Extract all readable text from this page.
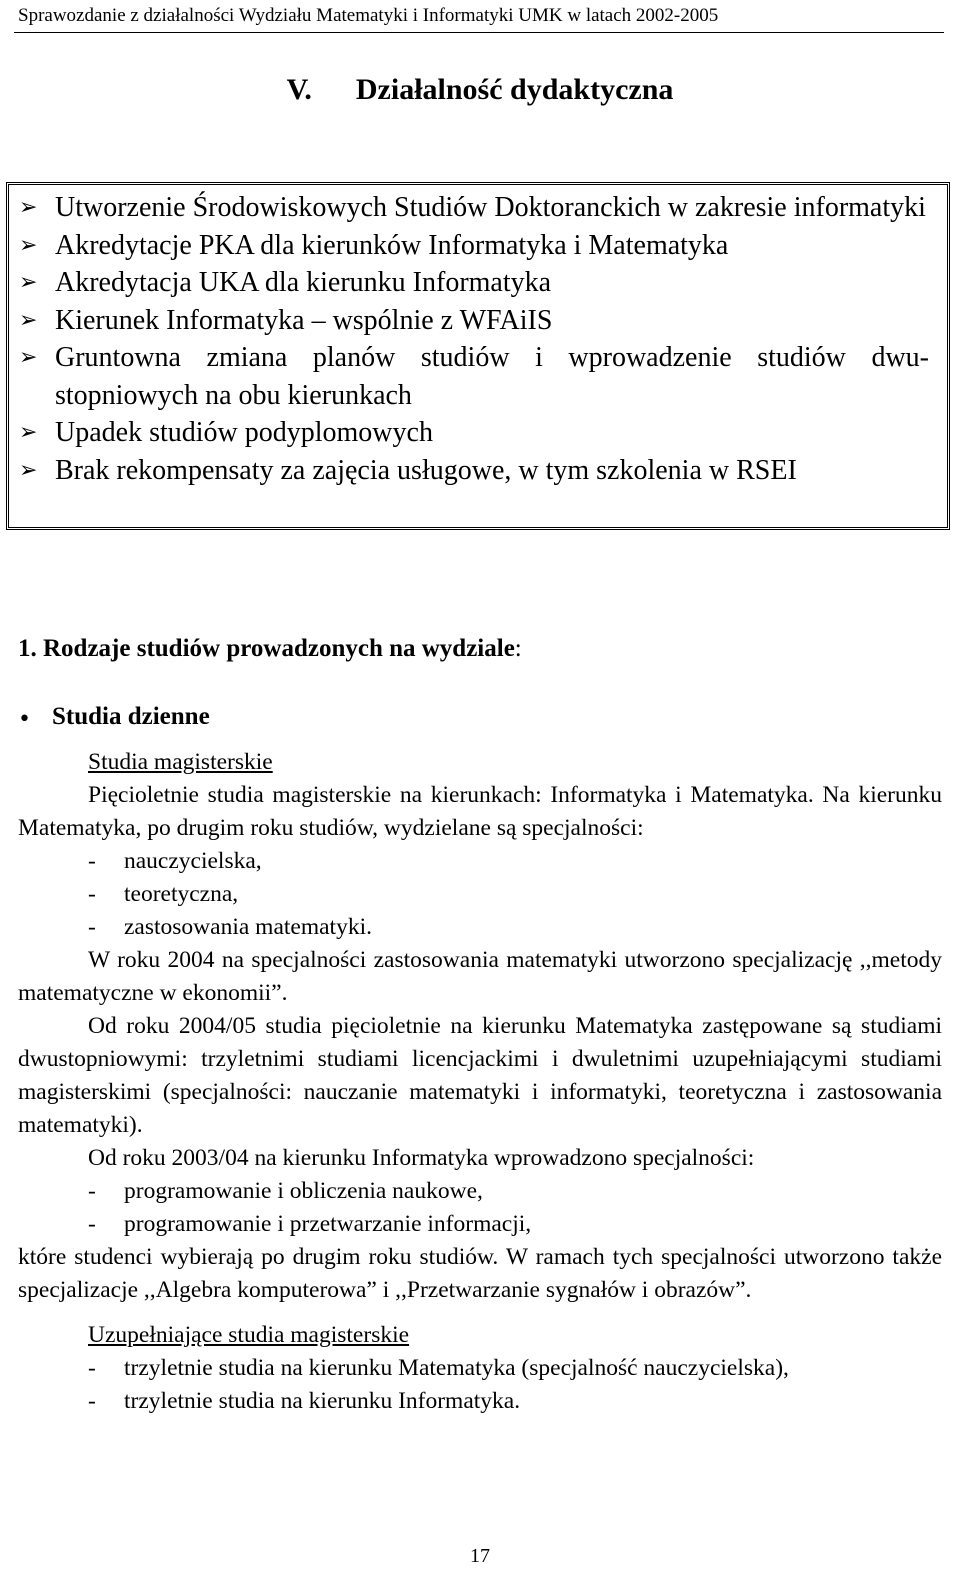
Sprawozdanie z działalności Wydziału Matematyki i Informatyki UMK w latach 2002-2005
V. Działalność dydaktyczna
➢ Utworzenie Środowiskowych Studiów Doktoranckich w zakresie informatyki
➢ Akredytacje PKA dla kierunków Informatyka i Matematyka
➢ Akredytacja UKA dla kierunku Informatyka
➢ Kierunek Informatyka – wspólnie z WFAiIS
➢ Gruntowna zmiana planów studiów i wprowadzenie studiów dwu-stopniowych na obu kierunkach
➢ Upadek studiów podyplomowych
➢ Brak rekompensaty za zajęcia usługowe, w tym szkolenia w RSEI
1. Rodzaje studiów prowadzonych na wydziale:
• Studia dzienne

Studia magisterskie

Pięcioletnie studia magisterskie na kierunkach: Informatyka i Matematyka. Na kierunku Matematyka, po drugim roku studiów, wydzielane są specjalności:

- nauczycielska,
- teoretyczna,
- zastosowania matematyki.

W roku 2004 na specjalności zastosowania matematyki utworzono specjalizację ,,metody matematyczne w ekonomii”.

Od roku 2004/05 studia pięcioletnie na kierunku Matematyka zastępowane są studiami dwustopniowymi: trzyletnimi studiami licencjackimi i dwuletnimi uzupełniającymi studiami magisterskimi (specjalności: nauczanie matematyki i informatyki, teoretyczna i zastosowania matematyki).

Od roku 2003/04 na kierunku Informatyka wprowadzono specjalności:

- programowanie i obliczenia naukowe,
- programowanie i przetwarzanie informacji,

które studenci wybierają po drugim roku studiów. W ramach tych specjalności utworzono także specjalizacje ,,Algebra komputerowa” i ,,Przetwarzanie sygnałów i obrazów”.

Uzupełniające studia magisterskie

- trzyletnie studia na kierunku Matematyka (specjalność nauczycielska),
- trzyletnie studia na kierunku Informatyka.
17
